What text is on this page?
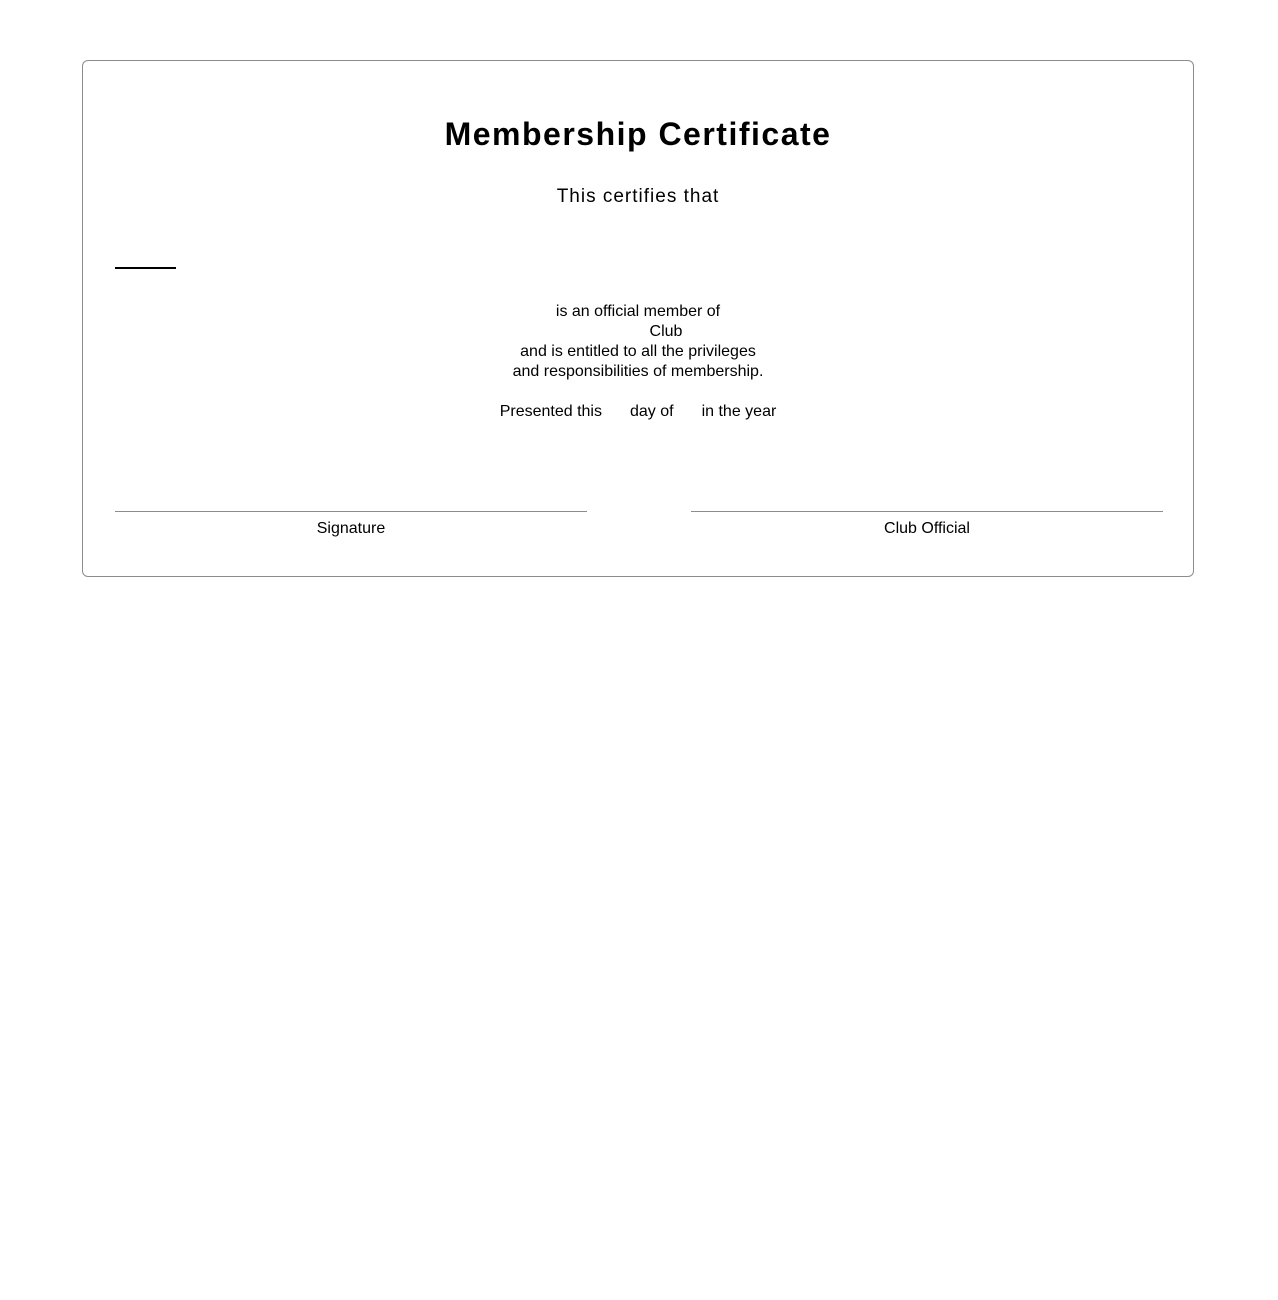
Membership Certificate
This certifies that
is an official member of
Club
and is entitled to all the privileges
and responsibilities of membership.
Presented this day of in the year
Signature	Club Official
